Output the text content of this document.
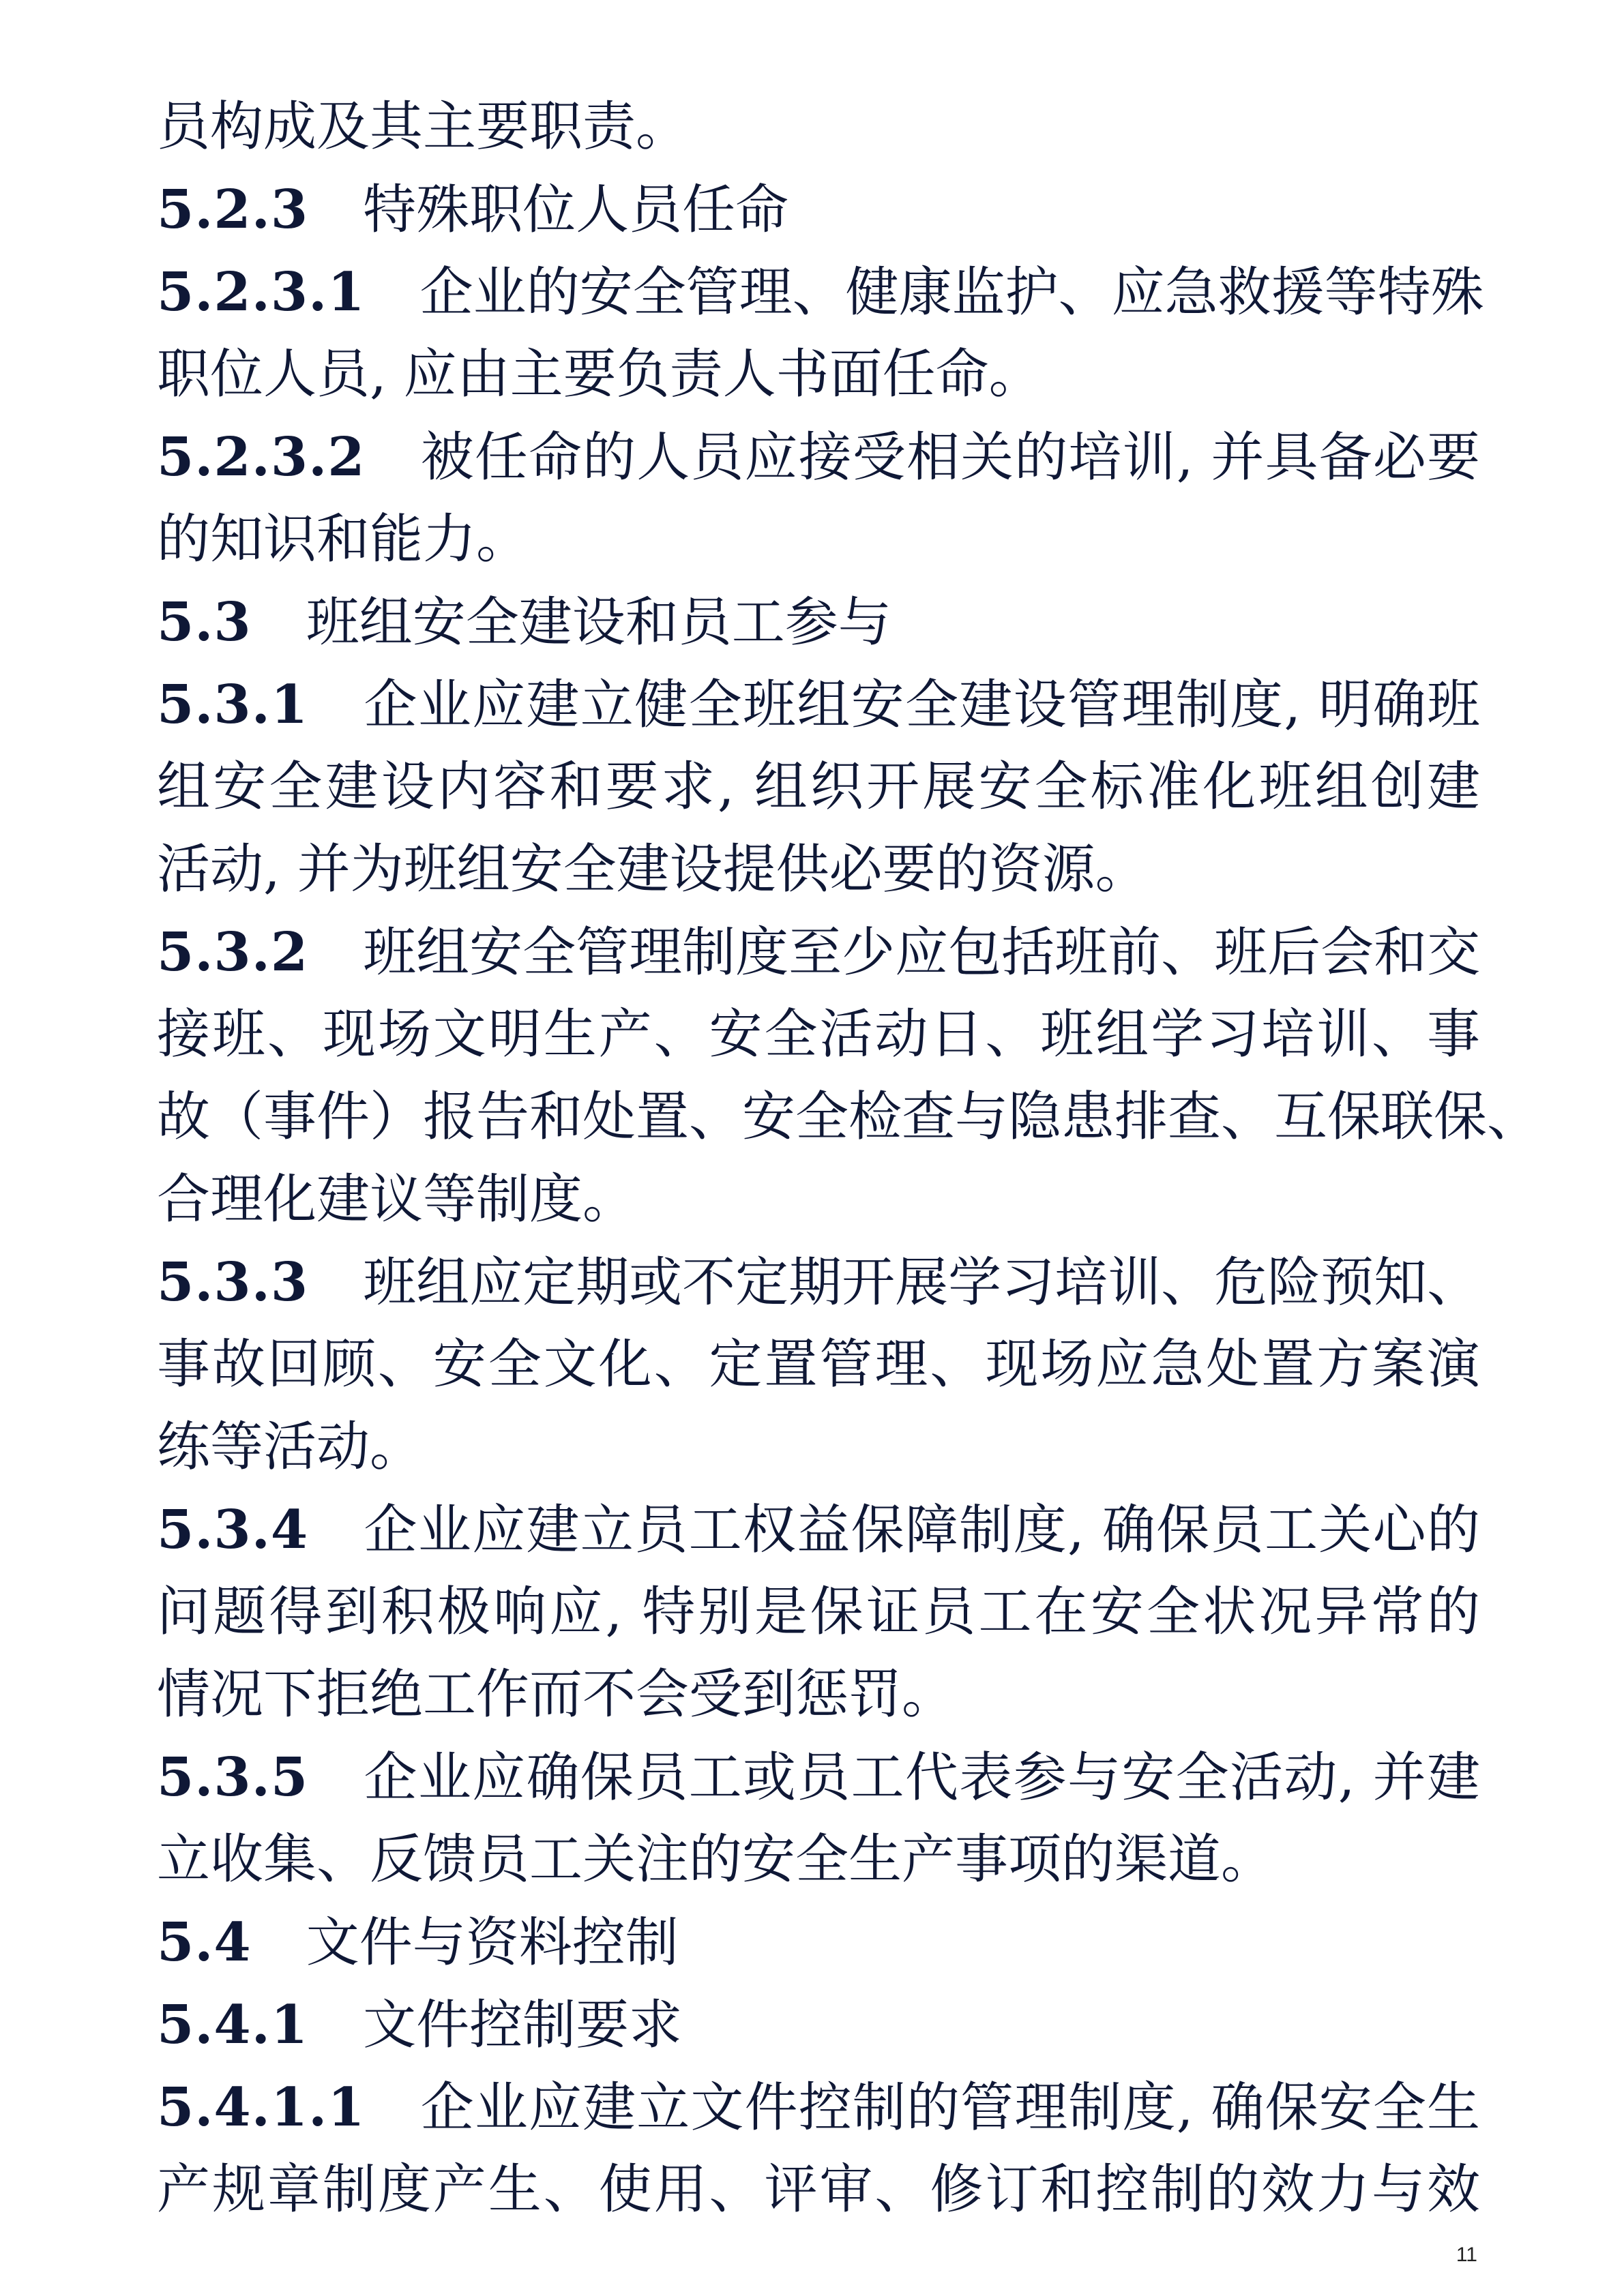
员构成及其主要职责。
5.2.3 特殊职位人员任命
5.2.3.1 企业的安全管理、健康监护、应急救援等特殊
职位人员, 应由主要负责人书面任命。
5.2.3.2 被任命的人员应接受相关的培训, 并具备必要
的知识和能力。
5.3 班组安全建设和员工参与
5.3.1 企业应建立健全班组安全建设管理制度, 明确班
组安全建设内容和要求, 组织开展安全标准化班组创建
活动, 并为班组安全建设提供必要的资源。
5.3.2 班组安全管理制度至少应包括班前、班后会和交
接班、现场文明生产、安全活动日、班组学习培训、事
故（事件）报告和处置、安全检查与隐患排查、互保联保、
合理化建议等制度。
5.3.3 班组应定期或不定期开展学习培训、危险预知、
事故回顾、安全文化、定置管理、现场应急处置方案演
练等活动。
5.3.4 企业应建立员工权益保障制度, 确保员工关心的
问题得到积极响应, 特别是保证员工在安全状况异常的
情况下拒绝工作而不会受到惩罚。
5.3.5 企业应确保员工或员工代表参与安全活动, 并建
立收集、反馈员工关注的安全生产事项的渠道。
5.4 文件与资料控制
5.4.1 文件控制要求
5.4.1.1 企业应建立文件控制的管理制度, 确保安全生
产规章制度产生、使用、评审、修订和控制的效力与效
11
